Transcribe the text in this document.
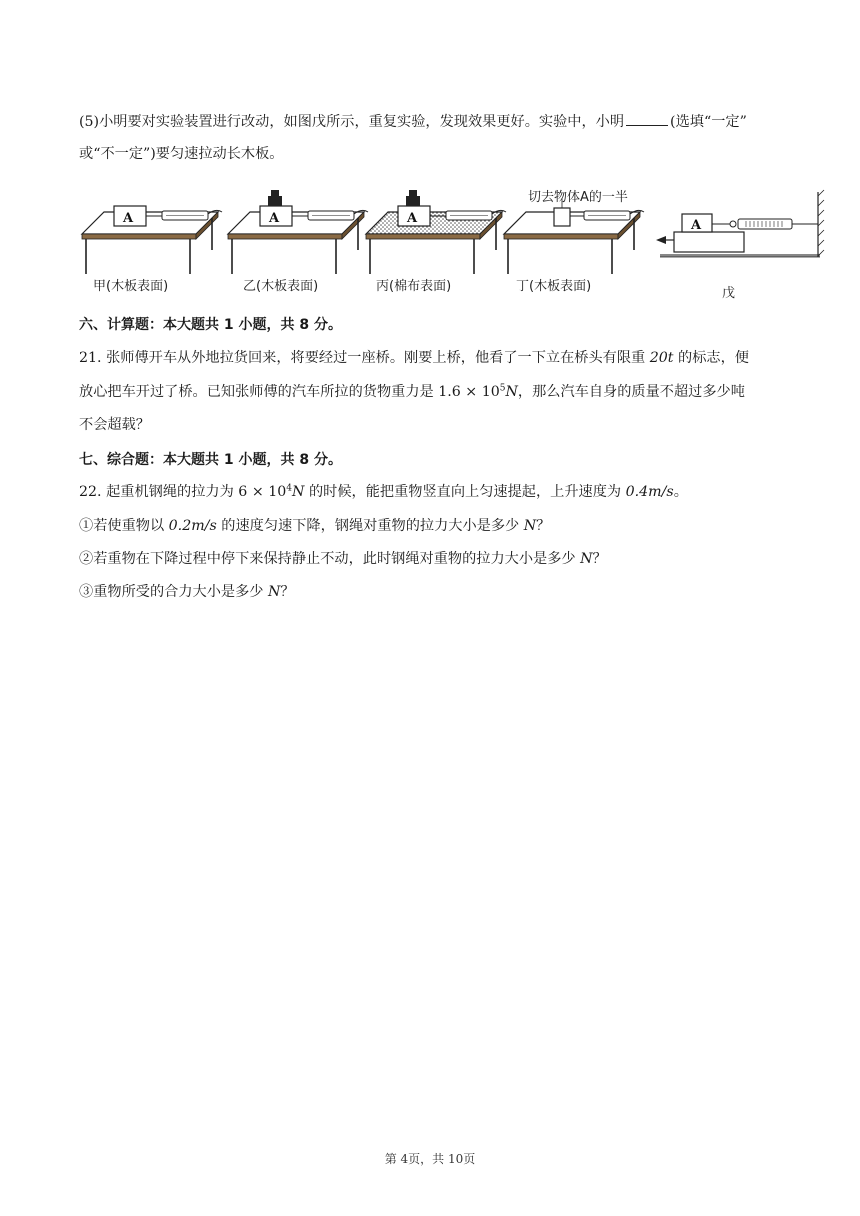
(5)小明要对实验装置进行改动，如图戊所示，重复实验，发现效果更好。实验中，小明	(选填“一定”
或“不一定”)要匀速拉动长木板。
A	A	A	A
切去物体A的一半
甲(木板表面)	乙(木板表面)	丙(棉布表面)	丁(木板表面)	戊
六、计算题：本大题共 1 小题，共 8 分。
21. 张师傅开车从外地拉货回来，将要经过一座桥。刚要上桥，他看了一下立在桥头有限重 20t 的标志，便
放心把车开过了桥。已知张师傅的汽车所拉的货物重力是 $1.6 \times 10^5N$，那么汽车自身的质量不超过多少吨
不会超载？
七、综合题：本大题共 1 小题，共 8 分。
22. 起重机钢绳的拉力为 $6 \times 10^4N$ 的时候，能把重物竖直向上匀速提起，上升速度为 0.4m/s。
①若使重物以 0.2m/s 的速度匀速下降，钢绳对重物的拉力大小是多少 N？
②若重物在下降过程中停下来保持静止不动，此时钢绳对重物的拉力大小是多少 N？
③重物所受的合力大小是多少 N？
第 4页，共 10页
